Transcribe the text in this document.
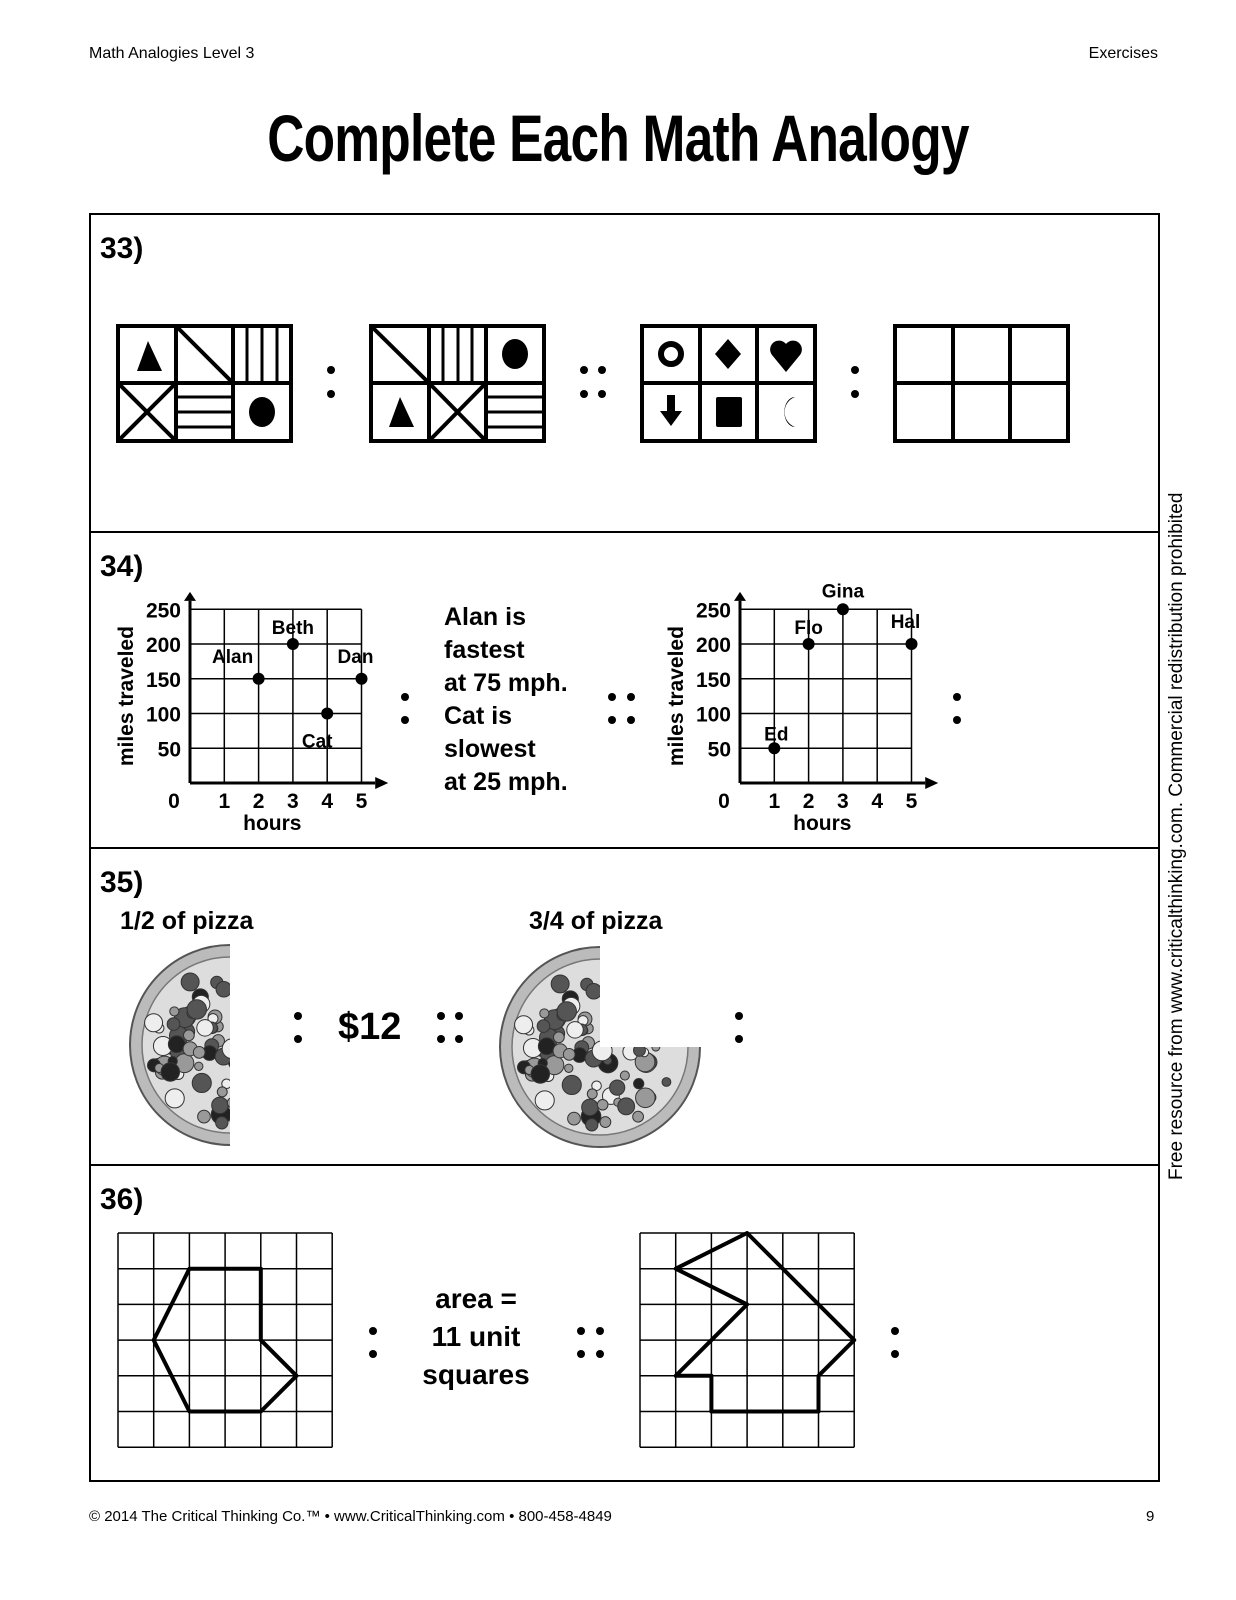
Math Analogies Level 3	Exercises
Complete Each Math Analogy
33)
34)
35)
36)
1 2 3 4 5
50
100
150
200
250
0
hours
miles traveled	Alan
Beth
Cat
Dan
1 2 3 4 5
50
100
150
200
250
0
hours
miles traveled	Ed
Flo
Gina
Hal
Alan is
fastest
at 75 mph.
Cat is
slowest
at 25 mph.
1/2 of pizza	3/4 of pizza
$12
area =
11 unit
squares
Free resource from www.criticalthinking.com. Commercial redistribution prohibited
© 2014 The Critical Thinking Co.™ • www.CriticalThinking.com • 800-458-4849	9
